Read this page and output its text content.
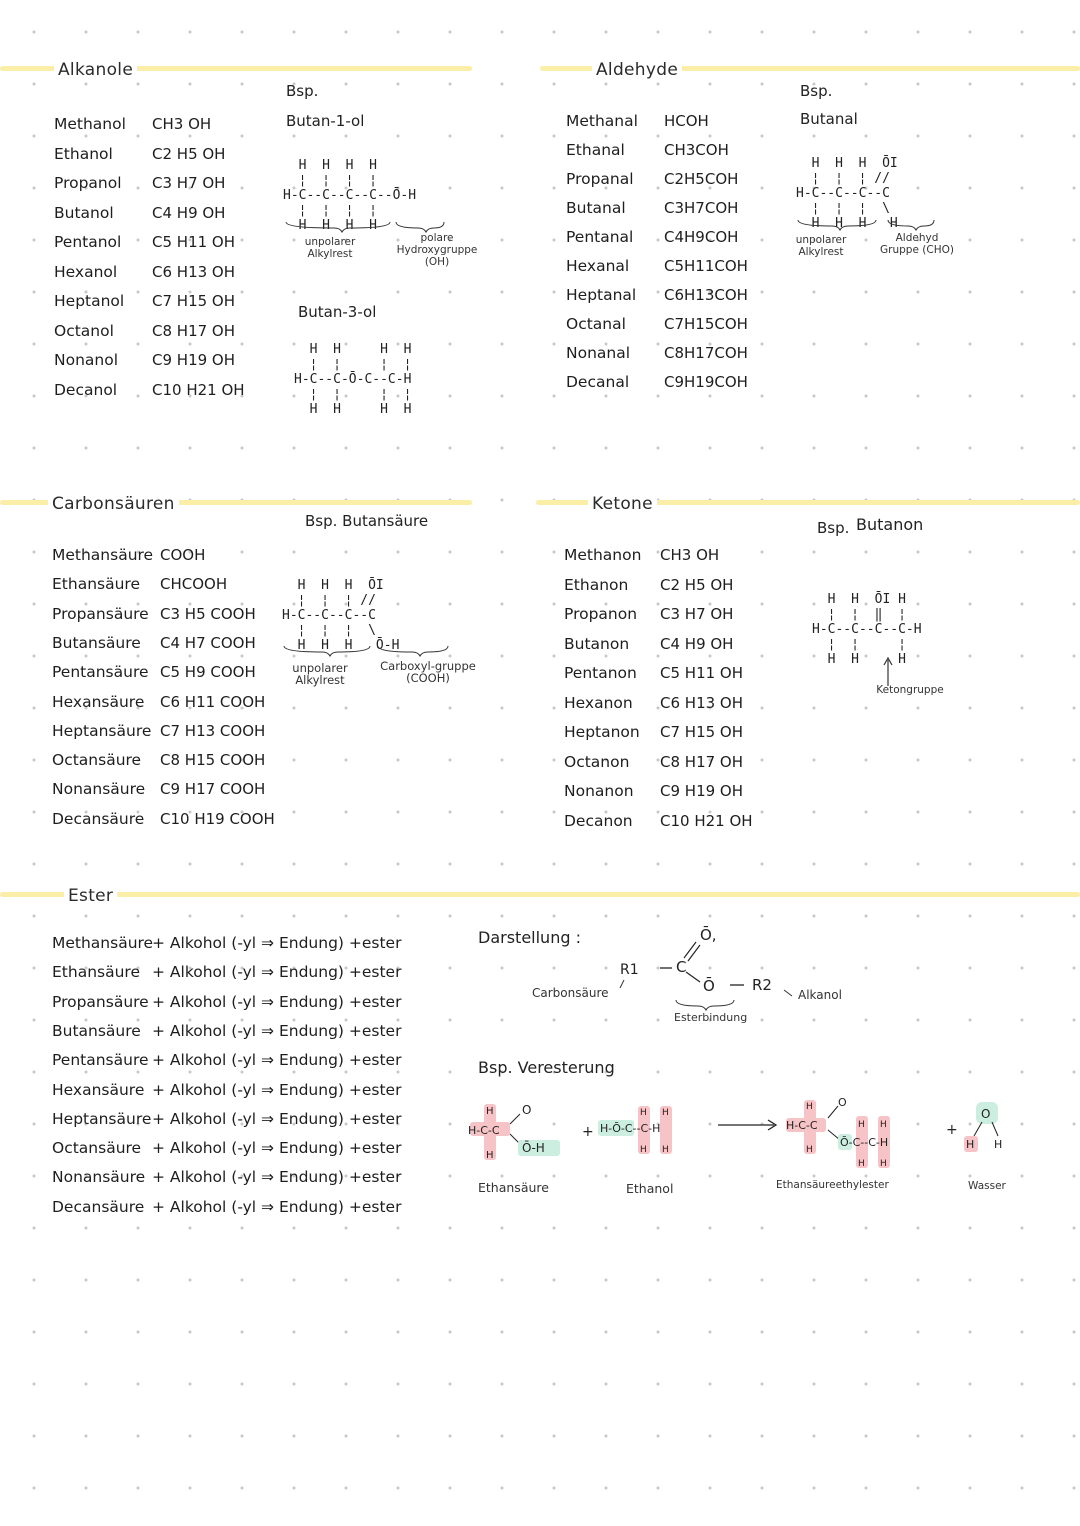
Alkanole
Methanol CH3 OH
Ethanol	C2 H5 OH
Propanol C3 H7 OH
Butanol	C4 H9 OH
Pentanol C5 H11 OH
Hexanol C6 H13 OH
Heptanol C7 H15 OH
Octanol	C8 H17 OH
Nonanol C9 H19 OH
Decanol C10 H21 OH
Bsp.
Butan-1-ol
H  H  H  H
¦  ¦  ¦  ¦
H-C--C--C--C--Ō-H
¦  ¦  ¦  ¦
H  H  H  H
unpolarer Alkylrest
polare Hydroxygruppe (OH)
Butan-3-ol
H  H     H  H
¦  ¦     ¦  ¦
H-C--C-Ō-C--C-H
¦  ¦     ¦  ¦
H  H     H  H
Aldehyde
Methanal HCOH
Ethanal	CH3COH
Propanal C2H5COH
Butanal	C3H7COH
Pentanal C4H9COH
Hexanal C5H11COH
Heptanal C6H13COH
Octanal	C7H15COH
Nonanal C8H17COH
Decanal C9H19COH
Bsp.
Butanal
H  H  H  ŌI
¦  ¦  ¦ //
H-C--C--C--C
¦  ¦  ¦  \
H  H  H   H
unpolarer Alkylrest
Aldehyd Gruppe (CHO)
Carbonsäuren
Methansäure COOH
Ethansäure CHCOOH
Propansäure C3 H5 COOH
Butansäure C4 H7 COOH
Pentansäure C5 H9 COOH
Hexansäure C6 H11 COOH
Heptansäure C7 H13 COOH
Octansäure C8 H15 COOH
Nonansäure C9 H17 COOH
Decansäure C10 H19 COOH
Bsp. Butansäure
H  H  H  ŌI
¦  ¦  ¦ //
H-C--C--C--C
¦  ¦  ¦  \
H  H  H   Ō-H
unpolarer Alkylrest
Carboxyl-gruppe (COOH)
Ketone
Methanon CH3 OH
Ethanon C2 H5 OH
Propanon C3 H7 OH
Butanon C4 H9 OH
Pentanon C5 H11 OH
Hexanon C6 H13 OH
Heptanon C7 H15 OH
Octanon C8 H17 OH
Nonanon C9 H19 OH
Decanon C10 H21 OH
Bsp. Butanon
H  H  ŌI H
¦  ¦  ‖  ¦
H-C--C--C--C-H
¦  ¦     ¦
H  H     H
Ketongruppe
Ester
Methansäure+ Alkohol (-yl ⇒ Endung) +ester
Ethansäure + Alkohol (-yl ⇒ Endung) +ester
Propansäure + Alkohol (-yl ⇒ Endung) +ester
Butansäure + Alkohol (-yl ⇒ Endung) +ester
Pentansäure + Alkohol (-yl ⇒ Endung) +ester
Hexansäure + Alkohol (-yl ⇒ Endung) +ester
Heptansäure+ Alkohol (-yl ⇒ Endung) +ester
Octansäure + Alkohol (-yl ⇒ Endung) +ester
Nonansäure + Alkohol (-yl ⇒ Endung) +ester
Decansäure + Alkohol (-yl ⇒ Endung) +ester
Darstellung :
R1 C
Ō,
Ō R2
Carbonsäure
Esterbindung
Alkanol
Bsp. Veresterung
H-C-C
H
H
O
Ō-H
+ H-Ō-C--C-H
H H
H H
→ H-C-C
H
H
O
Ō-C--C-H
H H
H H
+
O
H H
Ethansäure	Ethanol	Ethansäureethylester	Wasser
